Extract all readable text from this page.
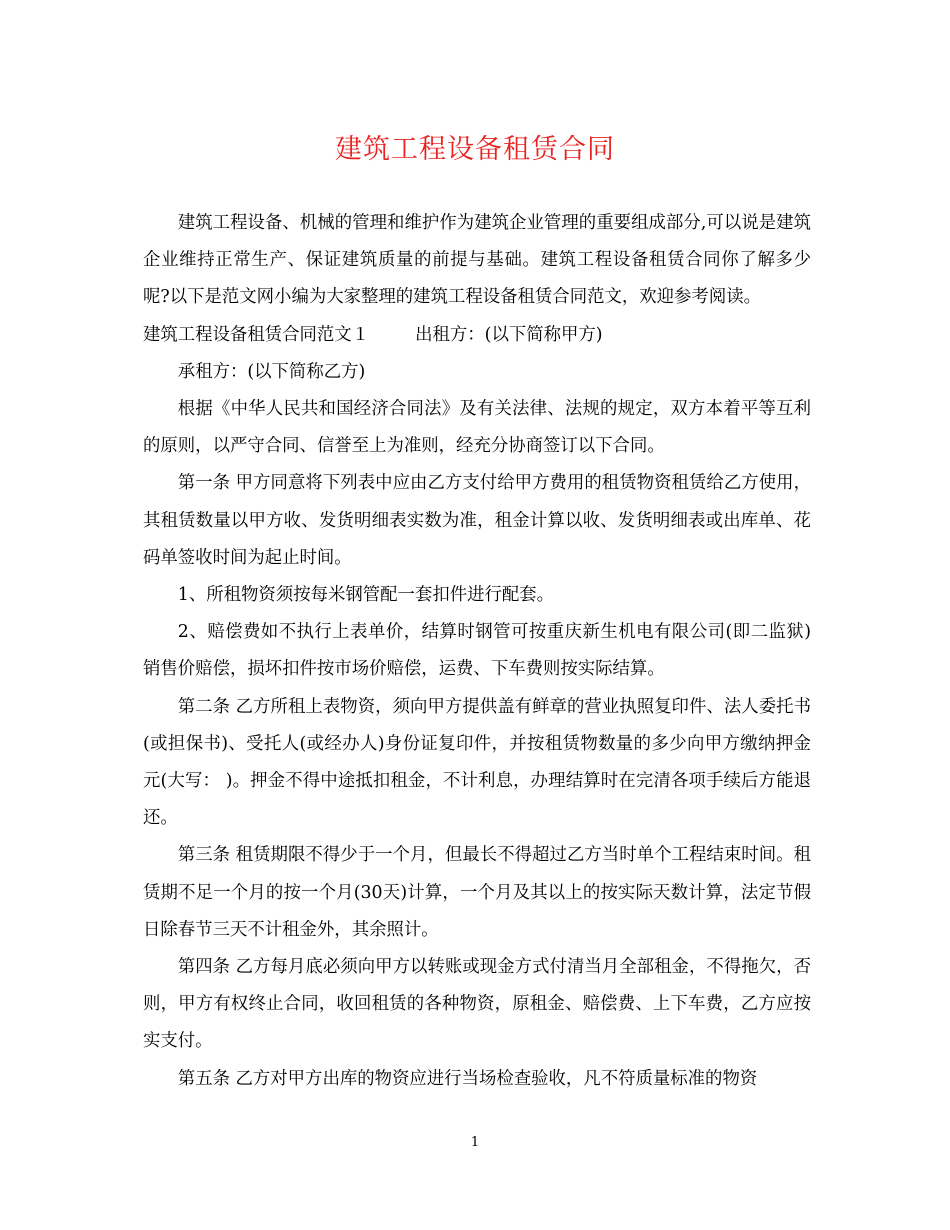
建筑工程设备租赁合同

建筑工程设备、机械的管理和维护作为建筑企业管理的重要组成部分,可以说是建筑企业维持正常生产、保证建筑质量的前提与基础。建筑工程设备租赁合同你了解多少呢?以下是范文网小编为大家整理的建筑工程设备租赁合同范文，欢迎参考阅读。

建筑工程设备租赁合同范文１	出租方：(以下简称甲方)

承租方：(以下简称乙方)

根据《中华人民共和国经济合同法》及有关法律、法规的规定，双方本着平等互利的原则，以严守合同、信誉至上为准则，经充分协商签订以下合同。

第一条 甲方同意将下列表中应由乙方支付给甲方费用的租赁物资租赁给乙方使用，其租赁数量以甲方收、发货明细表实数为准，租金计算以收、发货明细表或出库单、花码单签收时间为起止时间。

1、所租物资须按每米钢管配一套扣件进行配套。

2、赔偿费如不执行上表单价，结算时钢管可按重庆新生机电有限公司(即二监狱)销售价赔偿，损坏扣件按市场价赔偿，运费、下车费则按实际结算。

第二条 乙方所租上表物资，须向甲方提供盖有鲜章的营业执照复印件、法人委托书(或担保书)、受托人(或经办人)身份证复印件，并按租赁物数量的多少向甲方缴纳押金 元(大写： )。押金不得中途抵扣租金，不计利息，办理结算时在完清各项手续后方能退还。

第三条 租赁期限不得少于一个月，但最长不得超过乙方当时单个工程结束时间。租赁期不足一个月的按一个月(30天)计算，一个月及其以上的按实际天数计算，法定节假日除春节三天不计租金外，其余照计。

第四条 乙方每月底必须向甲方以转账或现金方式付清当月全部租金，不得拖欠，否则，甲方有权终止合同，收回租赁的各种物资，原租金、赔偿费、上下车费，乙方应按实支付。

第五条 乙方对甲方出库的物资应进行当场检查验收，凡不符质量标准的物资

1
